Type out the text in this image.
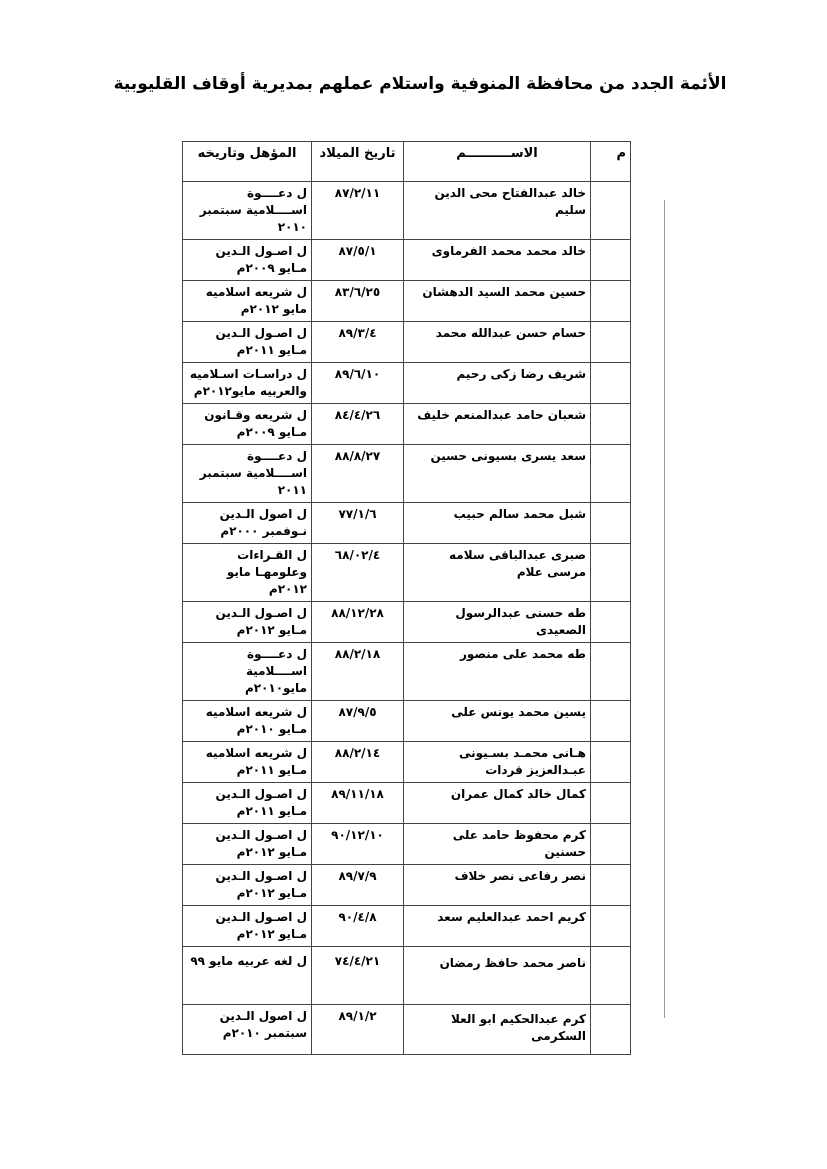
الأئمة الجدد من محافظة المنوفية واستلام عملهم بمديرية أوقاف القليوبية
م	الاســــــــــم	تاريخ الميلاد	المؤهل وتاريخه
	خالد عبدالفتاح محى الدين سليم	٨٧/٢/١١	ل دعــــوة اســــلامية سبتمبر ٢٠١٠
	خالد محمد محمد الفرماوى	٨٧/٥/١	ل اصـول الـدين مـايو ٢٠٠٩م
	حسين محمد السيد الدهشان	٨٣/٦/٢٥	ل شريعه اسلاميه مايو ٢٠١٢م
	حسام حسن عبدالله محمد	٨٩/٣/٤	ل اصـول الـدين مـايو ٢٠١١م
	شريف رضا زكى رحيم	٨٩/٦/١٠	ل دراسـات اسـلاميه والعربيه مايو٢٠١٢م
	شعبان حامد عبدالمنعم خليف	٨٤/٤/٢٦	ل شريعه وقـانون مـايو ٢٠٠٩م
	سعد يسرى بسيونى حسين	٨٨/٨/٢٧	ل دعــــوة اســــلامية سبتمبر ٢٠١١
	شبل محمد سالم حبيب	٧٧/١/٦	ل اصول الـدين نـوفمبر ٢٠٠٠م
	صبرى عبدالباقى سلامه مرسى علام	٦٨/٠٢/٤	ل القـراءات وعلومهـا مايو ٢٠١٢م
	طه حسنى عبدالرسول الصعيدى	٨٨/١٢/٢٨	ل اصـول الـدين مـايو ٢٠١٢م
	طه محمد على منصور	٨٨/٢/١٨	ل دعــــوة اســــلامية مايو٢٠١٠م
	يسين محمد يونس على	٨٧/٩/٥	ل شريعه اسلاميه مـايو ٢٠١٠م
	هـانى محمـد بسـيونى عبـدالعزيز قردات	٨٨/٢/١٤	ل شريعه اسلاميه مـايو ٢٠١١م
	كمال خالد كمال عمران	٨٩/١١/١٨	ل اصـول الـدين مـايو ٢٠١١م
	كرم محفوظ حامد على حسنين	٩٠/١٢/١٠	ل اصـول الـدين مـايو ٢٠١٢م
	نصر رفاعى نصر خلاف	٨٩/٧/٩	ل اصـول الـدين مـايو ٢٠١٢م
	كريم احمد عبدالعليم سعد	٩٠/٤/٨	ل اصـول الـدين مـايو ٢٠١٢م
	ناصر محمد حافظ رمضان	٧٤/٤/٢١	ل لغه عربيه مايو ٩٩
	كرم عبدالحكيم ابو العلا السكرمى	٨٩/١/٢	ل اصول الـدين سبتمبر ٢٠١٠م
